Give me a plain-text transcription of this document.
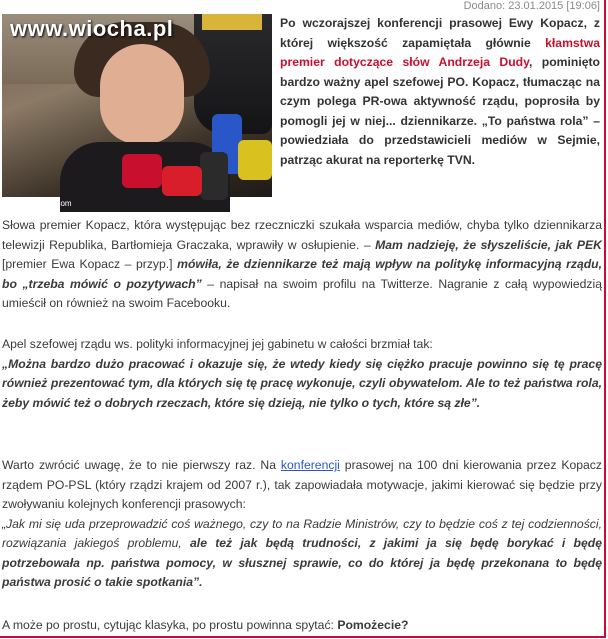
Dodano: 23.01.2015 [19:06]
www.wiocha.pl
foto: facebook.com
Po wczorajszej konferencji prasowej Ewy Kopacz, z której większość zapamiętała głównie kłamstwa premier dotyczące słów Andrzeja Dudy, pominięto bardzo ważny apel szefowej PO. Kopacz, tłumacząc na czym polega PR-owa aktywność rządu, poprosiła by pomogli jej w niej... dziennikarze. „To państwa rola” – powiedziała do przedstawicieli mediów w Sejmie, patrząc akurat na reporterkę TVN.
Słowa premier Kopacz, która występując bez rzeczniczki szukała wsparcia mediów, chyba tylko dziennikarza telewizji Republika, Bartłomieja Graczaka, wprawiły w osłupienie. – Mam nadzieję, że słyszeliście, jak PEK [premier Ewa Kopacz – przyp.] mówiła, że dziennikarze też mają wpływ na politykę informacyjną rządu, bo „trzeba mówić o pozytywach” – napisał na swoim profilu na Twitterze. Nagranie z całą wypowiedzią umieścił on również na swoim Facebooku.
Apel szefowej rządu ws. polityki informacyjnej jej gabinetu w całości brzmiał tak:
„Można bardzo dużo pracować i okazuje się, że wtedy kiedy się ciężko pracuje powinno się tę pracę również prezentować tym, dla których się tę pracę wykonuje, czyli obywatelom. Ale to też państwa rola, żeby mówić też o dobrych rzeczach, które się dzieją, nie tylko o tych, które są złe”.
Warto zwrócić uwagę, że to nie pierwszy raz. Na konferencji prasowej na 100 dni kierowania przez Kopacz rządem PO-PSL (który rządzi krajem od 2007 r.), tak zapowiadała motywacje, jakimi kierować się będzie przy zwoływaniu kolejnych konferencji prasowych:
„Jak mi się uda przeprowadzić coś ważnego, czy to na Radzie Ministrów, czy to będzie coś z tej codzienności, rozwiązania jakiegoś problemu, ale też jak będą trudności, z jakimi ja się będę borykać i będę potrzebowała np. państwa pomocy, w słusznej sprawie, co do której ja będę przekonana to będę państwa prosić o takie spotkania”.
A może po prostu, cytując klasyka, po prostu powinna spytać: Pomożecie?
